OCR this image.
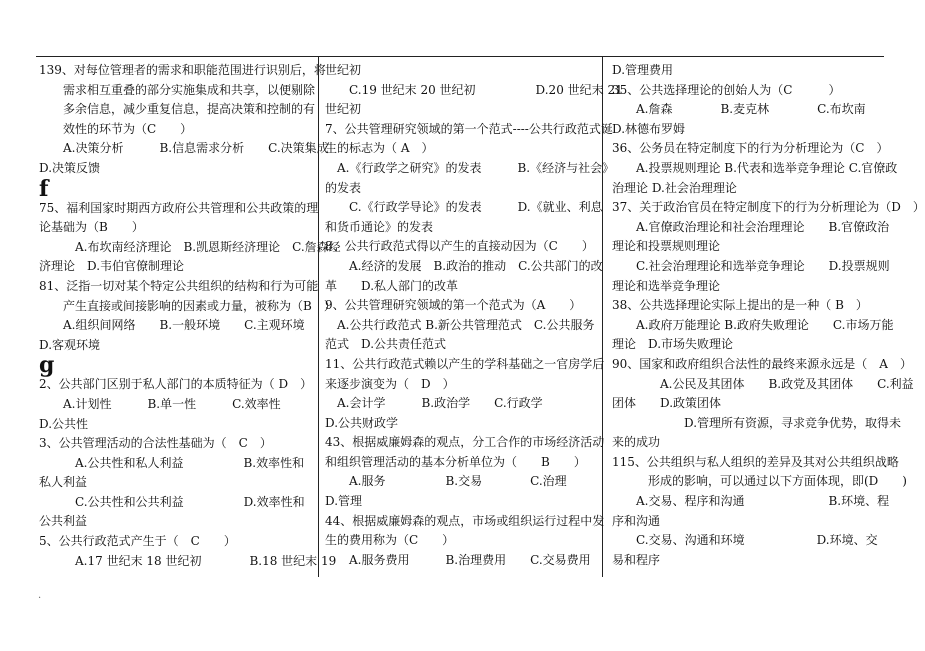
139、对每位管理者的需求和职能范围进行识别后，将
　　需求相互重叠的部分实施集成和共享，以便剔除
　　多余信息，减少重复信息，提高决策和控制的有
　　效性的环节为（C　　）
　　A.决策分析　　　B.信息需求分析　　C.决策集成
D.决策反馈
f
75、福利国家时期西方政府公共管理和公共政策的理
论基础为（B　　）
　　　A.布坎南经济理论　B.凯恩斯经济理论　C.詹森经
济理论　D.韦伯官僚制理论
81、泛指一切对某个特定公共组织的结构和行为可能
　　产生直接或间接影响的因素或力量，被称为（B　）
　　A.组织间网络　　B.一般环境　　C.主观环境
D.客观环境
g
2、公共部门区别于私人部门的本质特征为（ D　）
　　A.计划性　　　B.单一性　　　C.效率性
D.公共性
3、公共管理活动的合法性基础为（　C　）
　　　A.公共性和私人利益　　　　　B.效率性和
私人利益
　　　C.公共性和公共利益　　　　　D.效率性和
公共利益
5、公共行政范式产生于（　C　　）
　　　A.17 世纪末 18 世纪初　　　　B.18 世纪末 19
世纪初
　　C.19 世纪末 20 世纪初　　　　　D.20 世纪末 21
世纪初
7、公共管理研究领域的第一个范式----公共行政范式诞
生的标志为（ A　）
　A.《行政学之研究》的发表　　　B.《经济与社会》
的发表
　　C.《行政学导论》的发表　　　D.《就业、利息
和货币通论》的发表
8、公共行政范式得以产生的直接动因为（C　　）
　　A.经济的发展　B.政治的推动　C.公共部门的改
革　　D.私人部门的改革
9、公共管理研究领域的第一个范式为（A　　）
　A.公共行政范式 B.新公共管理范式　C.公共服务
范式　D.公共责任范式
11、公共行政范式赖以产生的学科基础之一官房学后
来逐步演变为（　D　）
　A.会计学　　　B.政治学　　C.行政学
D.公共财政学
43、根据威廉姆森的观点，分工合作的市场经济活动
和组织管理活动的基本分析单位为（　　B　　）
　　A.服务　　　　　B.交易　　　　C.治理
D.管理
44、根据威廉姆森的观点，市场或组织运行过程中发
生的费用称为（C　　）
　　A.服务费用　　　B.治理费用　　C.交易费用
D.管理费用
35、公共选择理论的创始人为（C　　　）
　　A.詹森　　　　B.麦克林　　　　C.布坎南
D.林德布罗姆
36、公务员在特定制度下的行为分析理论为（C　）
　　A.投票规则理论 B.代表和选举竞争理论 C.官僚政
治理论 D.社会治理理论
37、关于政治官员在特定制度下的行为分析理论为（D　）
　　A.官僚政治理论和社会治理理论　　B.官僚政治
理论和投票规则理论
　　C.社会治理理论和选举竞争理论　　D.投票规则
理论和选举竞争理论
38、公共选择理论实际上提出的是一种（ B　）
　　A.政府万能理论 B.政府失败理论　　C.市场万能
理论　D.市场失败理论
90、国家和政府组织合法性的最终来源永远是（　A　）
　　　　A.公民及其团体　　B.政党及其团体　　C.利益
团体　　D.政策团体
　　　　　　D.管理所有资源，寻求竞争优势，取得未
来的成功
115、公共组织与私人组织的差异及其对公共组织战略
　　　形成的影响，可以通过以下方面体现，即(D　　)
　　A.交易、程序和沟通　　　　　　　B.环境、程
序和沟通
　　C.交易、沟通和环境　　　　　　D.环境、交
易和程序
.
